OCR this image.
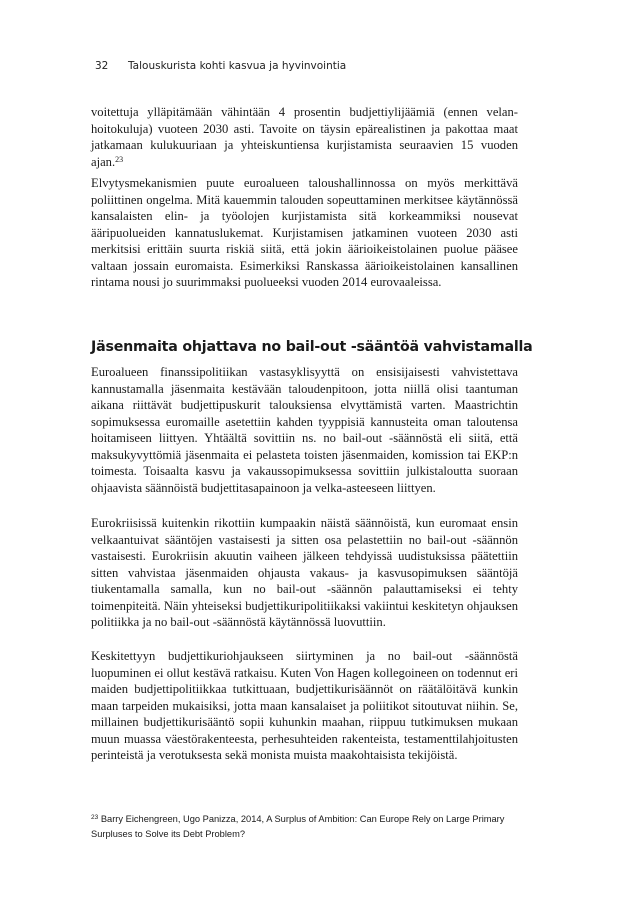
32 Talouskurista kohti kasvua ja hyvinvointia

voitettuja ylläpitämään vähintään 4 prosentin budjettiylijäämiä (ennen velanhoitokuluja) vuoteen 2030 asti. Tavoite on täysin epärealistinen ja pakottaa maat jatkamaan kulukuuriaan ja yhteiskuntiensa kurjistamista seuraavien 15 vuoden ajan.$^{23}$

Elvytysmekanismien puute euroalueen taloushallinnossa on myös merkittävä poliittinen ongelma. Mitä kauemmin talouden sopeuttaminen merkitsee käytännössä kansalaisten elin- ja työolojen kurjistamista sitä korkeammiksi nousevat ääripuolueiden kannatuslukemat. Kurjistamisen jatkaminen vuoteen 2030 asti merkitsisi erittäin suurta riskiä siitä, että jokin äärioikeistolainen puolue pääsee valtaan jossain euromaista. Esimerkiksi Ranskassa äärioikeistolainen kansallinen rintama nousi jo suurimmaksi puolueeksi vuoden 2014 eurovaaleissa.

Jäsenmaita ohjattava no bail-out -sääntöä vahvistamalla

Euroalueen finanssipolitiikan vastasyklisyyttä on ensisijaisesti vahvistettava kannustamalla jäsenmaita kestävään taloudenpitoon, jotta niillä olisi taantuman aikana riittävät budjettipuskurit talouksiensa elvyttämistä varten. Maastrichtin sopimuksessa euromaille asetettiin kahden tyyppisiä kannusteita oman taloutensa hoitamiseen liittyen. Yhtäältä sovittiin ns. no bail-out -säännöstä eli siitä, että maksukyvyttömiä jäsenmaita ei pelasteta toisten jäsenmaiden, komission tai EKP:n toimesta. Toisaalta kasvu ja vakaussopimuksessa sovittiin julkistaloutta suoraan ohjaavista säännöistä budjettitasapainoon ja velka-asteeseen liittyen.

Eurokriisissä kuitenkin rikottiin kumpaakin näistä säännöistä, kun euromaat ensin velkaantuivat sääntöjen vastaisesti ja sitten osa pelastettiin no bail-out -säännön vastaisesti. Eurokriisin akuutin vaiheen jälkeen tehdyissä uudistuksissa päätettiin sitten vahvistaa jäsenmaiden ohjausta vakaus- ja kasvusopimuksen sääntöjä tiukentamalla samalla, kun no bail-out -säännön palauttamiseksi ei tehty toimenpiteitä. Näin yhteiseksi budjettikuripolitiikaksi vakiintui keskitetyn ohjauksen politiikka ja no bail-out -säännöstä käytännössä luovuttiin.

Keskitettyyn budjettikuriohjaukseen siirtyminen ja no bail-out -säännöstä luopuminen ei ollut kestävä ratkaisu. Kuten Von Hagen kollegoineen on todennut eri maiden budjettipolitiikkaa tutkittuaan, budjettikurisäännöt on räätälöitävä kunkin maan tarpeiden mukaisiksi, jotta maan kansalaiset ja poliitikot sitoutuvat niihin. Se, millainen budjettikurisääntö sopii kuhunkin maahan, riippuu tutkimuksen mukaan muun muassa väestörakenteesta, perhesuhteiden rakenteista, testamenttilahjoitusten perinteistä ja verotuksesta sekä monista muista maakohtaisista tekijöistä.

$^{23}$ Barry Eichengreen, Ugo Panizza, 2014, A Surplus of Ambition: Can Europe Rely on Large Primary Surpluses to Solve its Debt Problem?
